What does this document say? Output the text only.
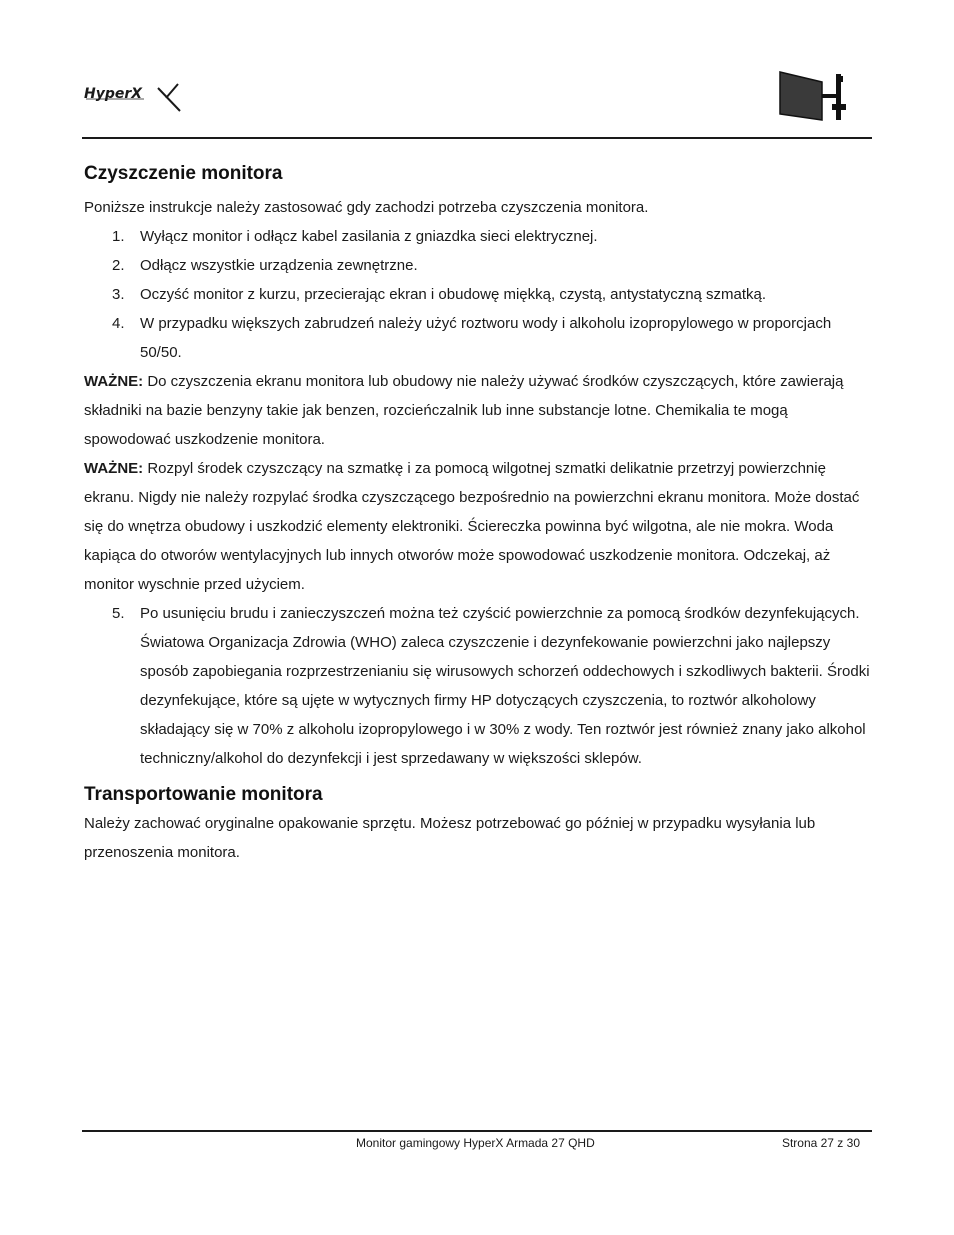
HyperX
Czyszczenie monitora

Poniższe instrukcje należy zastosować gdy zachodzi potrzeba czyszczenia monitora.

1. Wyłącz monitor i odłącz kabel zasilania z gniazdka sieci elektrycznej.
2. Odłącz wszystkie urządzenia zewnętrzne.
3. Oczyść monitor z kurzu, przecierając ekran i obudowę miękką, czystą, antystatyczną szmatką.
4. W przypadku większych zabrudzeń należy użyć roztworu wody i alkoholu izopropylowego w proporcjach 50/50.

WAŻNE: Do czyszczenia ekranu monitora lub obudowy nie należy używać środków czyszczących, które zawierają składniki na bazie benzyny takie jak benzen, rozcieńczalnik lub inne substancje lotne. Chemikalia te mogą spowodować uszkodzenie monitora.

WAŻNE: Rozpyl środek czyszczący na szmatkę i za pomocą wilgotnej szmatki delikatnie przetrzyj powierzchnię ekranu. Nigdy nie należy rozpylać środka czyszczącego bezpośrednio na powierzchni ekranu monitora. Może dostać się do wnętrza obudowy i uszkodzić elementy elektroniki. Ściereczka powinna być wilgotna, ale nie mokra. Woda kapiąca do otworów wentylacyjnych lub innych otworów może spowodować uszkodzenie monitora. Odczekaj, aż monitor wyschnie przed użyciem.

5. Po usunięciu brudu i zanieczyszczeń można też czyścić powierzchnie za pomocą środków dezynfekujących. Światowa Organizacja Zdrowia (WHO) zaleca czyszczenie i dezynfekowanie powierzchni jako najlepszy sposób zapobiegania rozprzestrzenianiu się wirusowych schorzeń oddechowych i szkodliwych bakterii. Środki dezynfekujące, które są ujęte w wytycznych firmy HP dotyczących czyszczenia, to roztwór alkoholowy składający się w 70% z alkoholu izopropylowego i w 30% z wody. Ten roztwór jest również znany jako alkohol techniczny/alkohol do dezynfekcji i jest sprzedawany w większości sklepów.
Transportowanie monitora

Należy zachować oryginalne opakowanie sprzętu. Możesz potrzebować go później w przypadku wysyłania lub przenoszenia monitora.

Monitor gamingowy HyperX Armada 27 QHD	Strona 27 z 30
